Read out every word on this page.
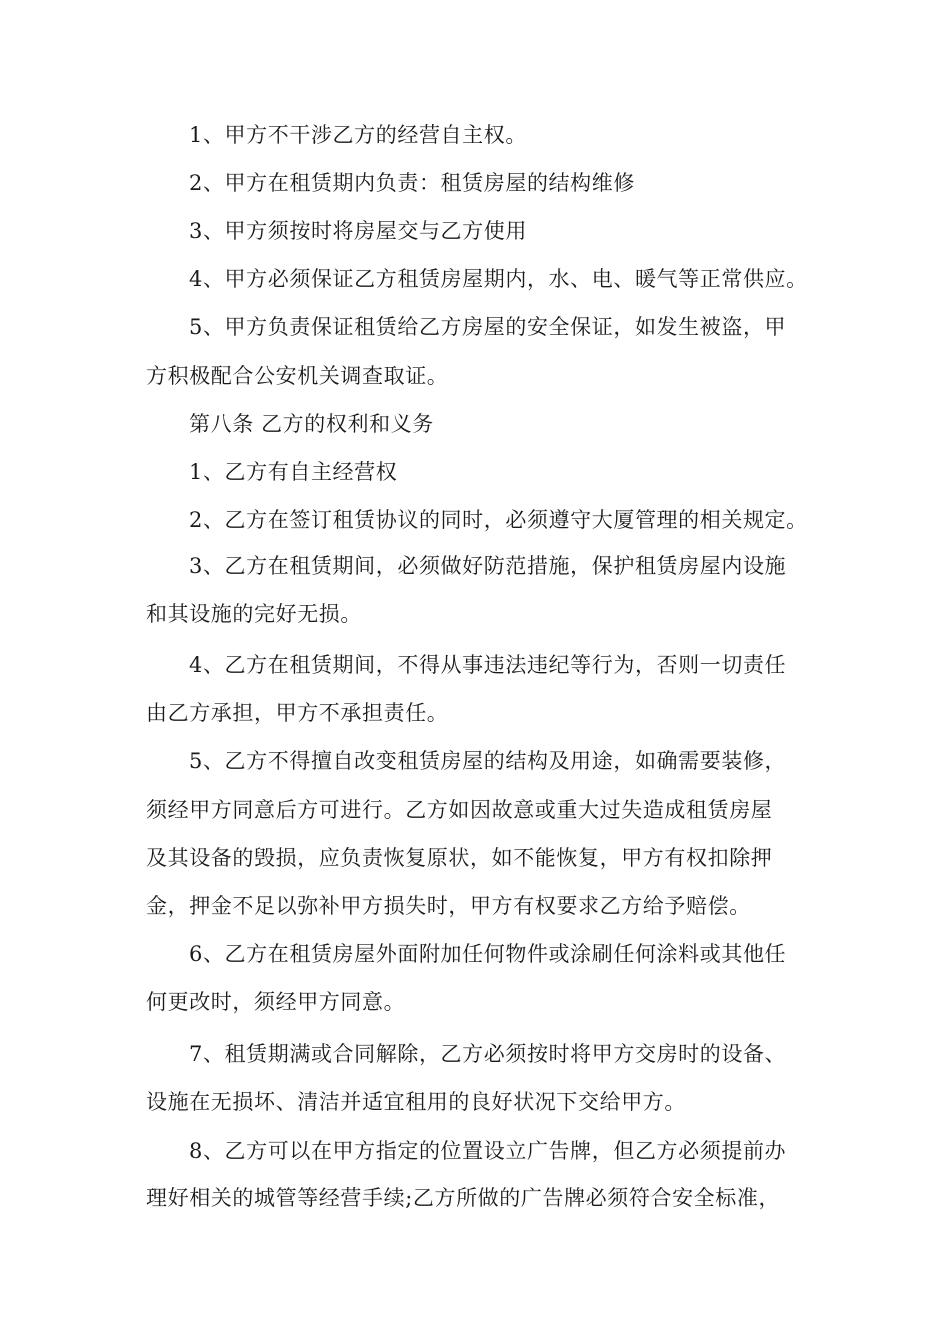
1、甲方不干涉乙方的经营自主权。
2、甲方在租赁期内负责：租赁房屋的结构维修
3、甲方须按时将房屋交与乙方使用
4、甲方必须保证乙方租赁房屋期内，水、电、暖气等正常供应。
5、甲方负责保证租赁给乙方房屋的安全保证，如发生被盗，甲
方积极配合公安机关调查取证。
第八条 乙方的权利和义务
1、乙方有自主经营权
2、乙方在签订租赁协议的同时，必须遵守大厦管理的相关规定。
3、乙方在租赁期间，必须做好防范措施，保护租赁房屋内设施
和其设施的完好无损。
4、乙方在租赁期间，不得从事违法违纪等行为，否则一切责任
由乙方承担，甲方不承担责任。
5、乙方不得擅自改变租赁房屋的结构及用途，如确需要装修，
须经甲方同意后方可进行。乙方如因故意或重大过失造成租赁房屋
及其设备的毁损，应负责恢复原状，如不能恢复，甲方有权扣除押
金，押金不足以弥补甲方损失时，甲方有权要求乙方给予赔偿。
6、乙方在租赁房屋外面附加任何物件或涂刷任何涂料或其他任
何更改时，须经甲方同意。
7、租赁期满或合同解除，乙方必须按时将甲方交房时的设备、
设施在无损坏、清洁并适宜租用的良好状况下交给甲方。
8、乙方可以在甲方指定的位置设立广告牌，但乙方必须提前办
理好相关的城管等经营手续;乙方所做的广告牌必须符合安全标准，
